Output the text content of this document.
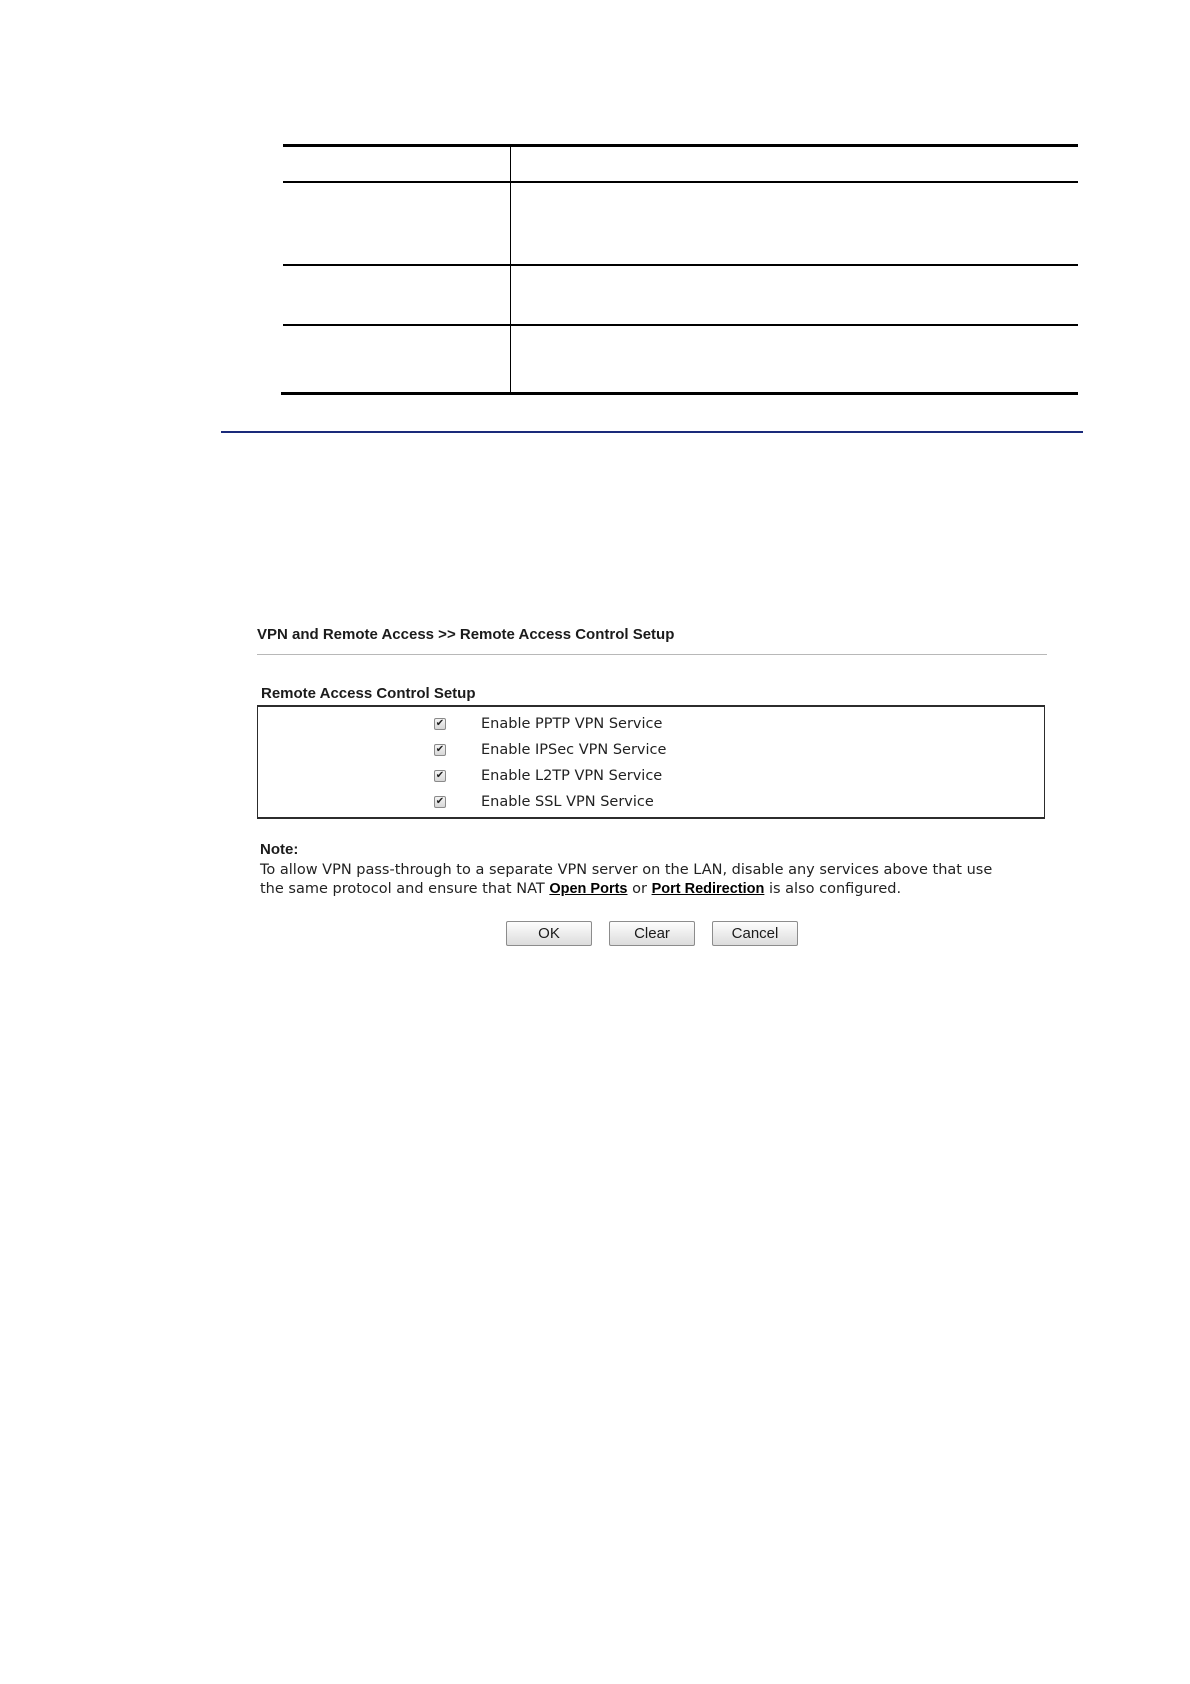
VPN and Remote Access >> Remote Access Control Setup
Remote Access Control Setup
✔	Enable PPTP VPN Service
✔	Enable IPSec VPN Service
✔	Enable L2TP VPN Service
✔	Enable SSL VPN Service
Note:
To allow VPN pass-through to a separate VPN server on the LAN, disable any services above that use
the same protocol and ensure that NAT Open Ports or Port Redirection is also configured.
OK	Clear	Cancel
